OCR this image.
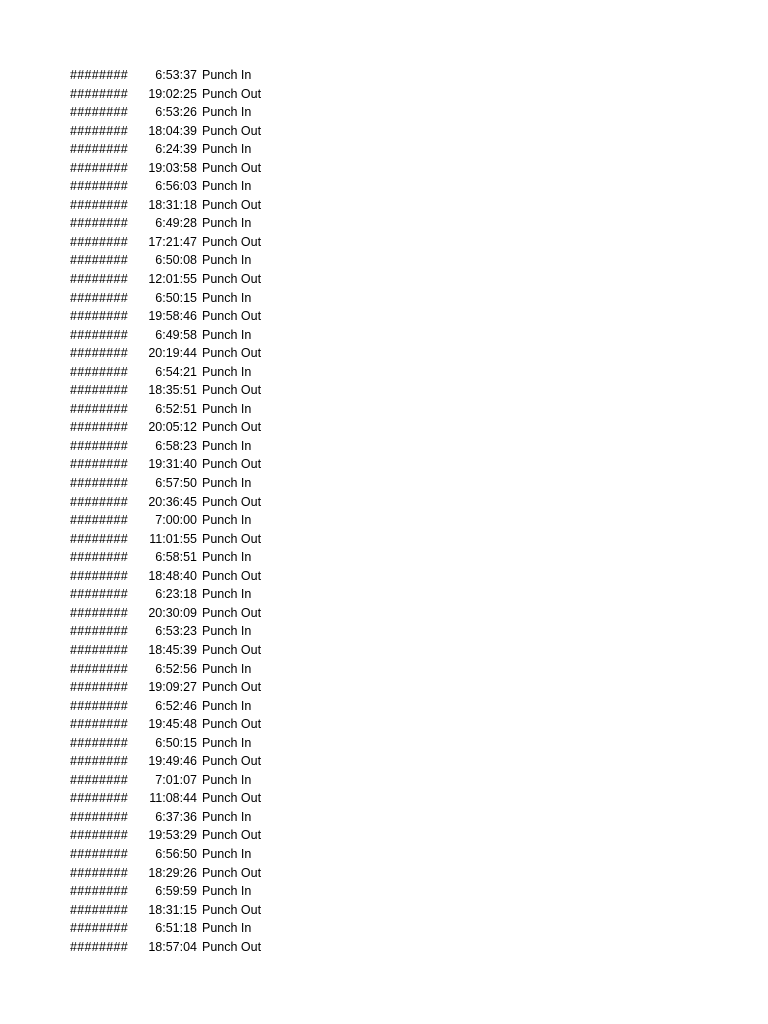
########	6:53:37 Punch In
########	19:02:25 Punch Out
########	6:53:26 Punch In
########	18:04:39 Punch Out
########	6:24:39 Punch In
########	19:03:58 Punch Out
########	6:56:03 Punch In
########	18:31:18 Punch Out
########	6:49:28 Punch In
########	17:21:47 Punch Out
########	6:50:08 Punch In
########	12:01:55 Punch Out
########	6:50:15 Punch In
########	19:58:46 Punch Out
########	6:49:58 Punch In
########	20:19:44 Punch Out
########	6:54:21 Punch In
########	18:35:51 Punch Out
########	6:52:51 Punch In
########	20:05:12 Punch Out
########	6:58:23 Punch In
########	19:31:40 Punch Out
########	6:57:50 Punch In
########	20:36:45 Punch Out
########	7:00:00 Punch In
########	11:01:55 Punch Out
########	6:58:51 Punch In
########	18:48:40 Punch Out
########	6:23:18 Punch In
########	20:30:09 Punch Out
########	6:53:23 Punch In
########	18:45:39 Punch Out
########	6:52:56 Punch In
########	19:09:27 Punch Out
########	6:52:46 Punch In
########	19:45:48 Punch Out
########	6:50:15 Punch In
########	19:49:46 Punch Out
########	7:01:07 Punch In
########	11:08:44 Punch Out
########	6:37:36 Punch In
########	19:53:29 Punch Out
########	6:56:50 Punch In
########	18:29:26 Punch Out
########	6:59:59 Punch In
########	18:31:15 Punch Out
########	6:51:18 Punch In
########	18:57:04 Punch Out
